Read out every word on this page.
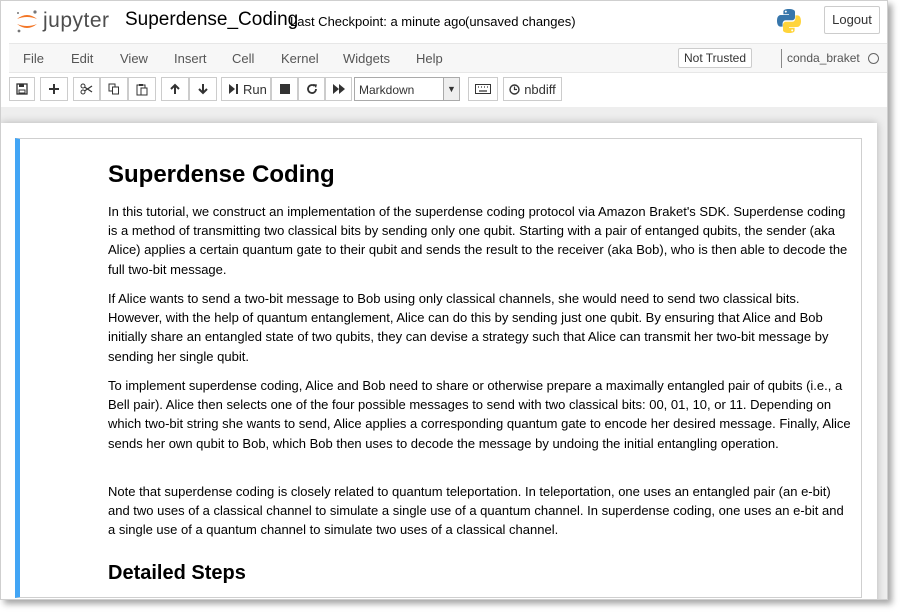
jupyter Superdense_Coding
Last Checkpoint: a minute ago (unsaved changes)	Logout
File Edit View Insert Cell Kernel Widgets Help	Not Trusted	conda_braket
Run	Markdown	▼	nbdiff
Superdense Coding

In this tutorial, we construct an implementation of the superdense coding protocol via Amazon Braket's SDK. Superdense coding is a method of transmitting two classical bits by sending only one qubit. Starting with a pair of entanged qubits, the sender (aka Alice) applies a certain quantum gate to their qubit and sends the result to the receiver (aka Bob), who is then able to decode the full two-bit message.

If Alice wants to send a two-bit message to Bob using only classical channels, she would need to send two classical bits. However, with the help of quantum entanglement, Alice can do this by sending just one qubit. By ensuring that Alice and Bob initially share an entangled state of two qubits, they can devise a strategy such that Alice can transmit her two-bit message by sending her single qubit.

To implement superdense coding, Alice and Bob need to share or otherwise prepare a maximally entangled pair of qubits (i.e., a Bell pair). Alice then selects one of the four possible messages to send with two classical bits: 00, 01, 10, or 11. Depending on which two-bit string she wants to send, Alice applies a corresponding quantum gate to encode her desired message. Finally, Alice sends her own qubit to Bob, which Bob then uses to decode the message by undoing the initial entangling operation.

Note that superdense coding is closely related to quantum teleportation. In teleportation, one uses an entangled pair (an e-bit) and two uses of a classical channel to simulate a single use of a quantum channel. In superdense coding, one uses an e-bit and a single use of a quantum channel to simulate two uses of a classical channel.

Detailed Steps
